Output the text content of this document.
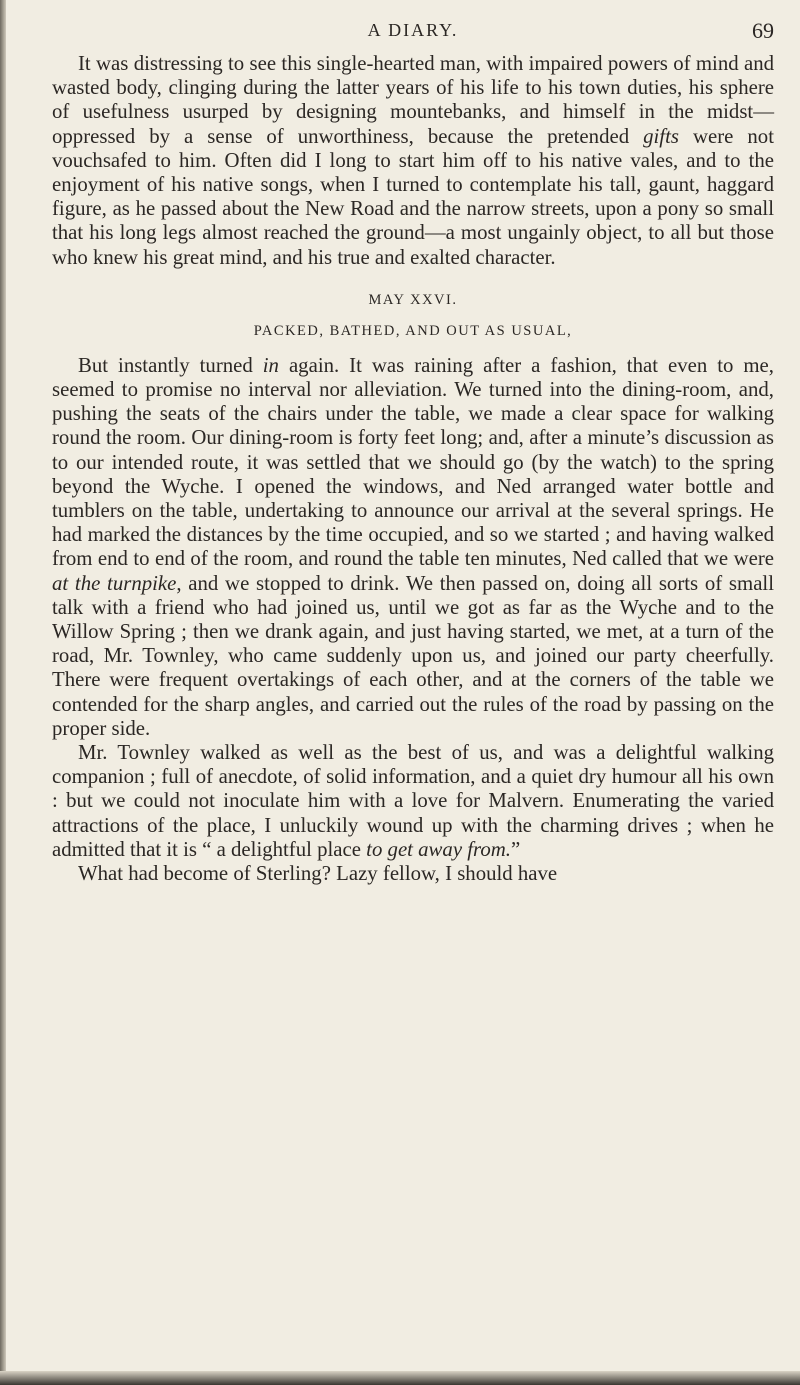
A DIARY.	69

It was distressing to see this single-hearted man, with impaired powers of mind and wasted body, clinging during the latter years of his life to his town duties, his sphere of usefulness usurped by designing mountebanks, and himself in the midst—oppressed by a sense of unworthiness, because the pretended gifts were not vouchsafed to him. Often did I long to start him off to his native vales, and to the enjoyment of his native songs, when I turned to contemplate his tall, gaunt, haggard figure, as he passed about the New Road and the narrow streets, upon a pony so small that his long legs almost reached the ground—a most ungainly object, to all but those who knew his great mind, and his true and exalted character.

MAY XXVI.
PACKED, BATHED, AND OUT AS USUAL,

But instantly turned in again. It was raining after a fashion, that even to me, seemed to promise no interval nor alleviation. We turned into the dining-room, and, pushing the seats of the chairs under the table, we made a clear space for walking round the room. Our dining-room is forty feet long; and, after a minute’s discussion as to our intended route, it was settled that we should go (by the watch) to the spring beyond the Wyche. I opened the windows, and Ned arranged water bottle and tumblers on the table, undertaking to announce our arrival at the several springs. He had marked the distances by the time occupied, and so we started ; and having walked from end to end of the room, and round the table ten minutes, Ned called that we were at the turnpike, and we stopped to drink. We then passed on, doing all sorts of small talk with a friend who had joined us, until we got as far as the Wyche and to the Willow Spring ; then we drank again, and just having started, we met, at a turn of the road, Mr. Townley, who came suddenly upon us, and joined our party cheerfully. There were frequent overtakings of each other, and at the corners of the table we contended for the sharp angles, and carried out the rules of the road by passing on the proper side.

Mr. Townley walked as well as the best of us, and was a delightful walking companion ; full of anecdote, of solid information, and a quiet dry humour all his own : but we could not inoculate him with a love for Malvern. Enumerating the varied attractions of the place, I unluckily wound up with the charming drives ; when he admitted that it is “ a delightful place to get away from.”

What had become of Sterling? Lazy fellow, I should have
